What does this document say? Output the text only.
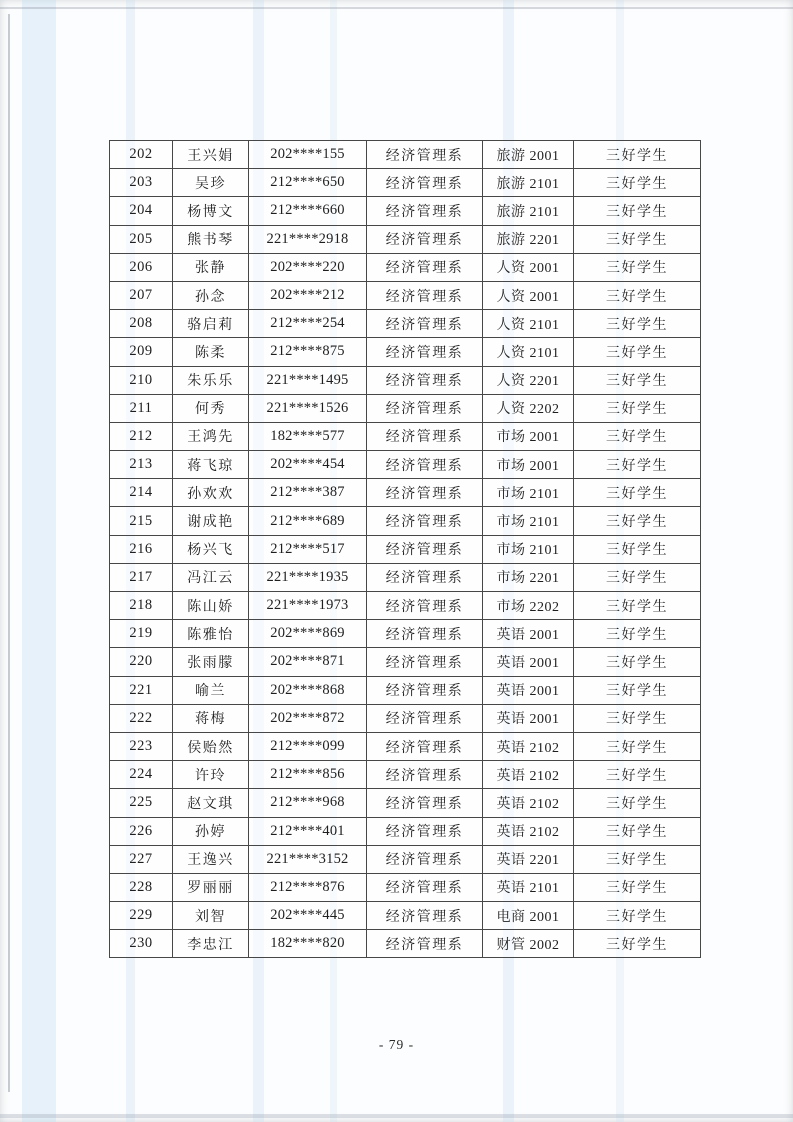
202	王兴娟	202****155	经济管理系	旅游 2001	三好学生
203	吴珍	212****650	经济管理系	旅游 2101	三好学生
204	杨博文	212****660	经济管理系	旅游 2101	三好学生
205	熊书琴	221****2918	经济管理系	旅游 2201	三好学生
206	张静	202****220	经济管理系	人资 2001	三好学生
207	孙念	202****212	经济管理系	人资 2001	三好学生
208	骆启莉	212****254	经济管理系	人资 2101	三好学生
209	陈柔	212****875	经济管理系	人资 2101	三好学生
210	朱乐乐	221****1495	经济管理系	人资 2201	三好学生
211	何秀	221****1526	经济管理系	人资 2202	三好学生
212	王鸿先	182****577	经济管理系	市场 2001	三好学生
213	蒋飞琼	202****454	经济管理系	市场 2001	三好学生
214	孙欢欢	212****387	经济管理系	市场 2101	三好学生
215	谢成艳	212****689	经济管理系	市场 2101	三好学生
216	杨兴飞	212****517	经济管理系	市场 2101	三好学生
217	冯江云	221****1935	经济管理系	市场 2201	三好学生
218	陈山娇	221****1973	经济管理系	市场 2202	三好学生
219	陈雅怡	202****869	经济管理系	英语 2001	三好学生
220	张雨朦	202****871	经济管理系	英语 2001	三好学生
221	喻兰	202****868	经济管理系	英语 2001	三好学生
222	蒋梅	202****872	经济管理系	英语 2001	三好学生
223	侯贻然	212****099	经济管理系	英语 2102	三好学生
224	许玲	212****856	经济管理系	英语 2102	三好学生
225	赵文琪	212****968	经济管理系	英语 2102	三好学生
226	孙婷	212****401	经济管理系	英语 2102	三好学生
227	王逸兴	221****3152	经济管理系	英语 2201	三好学生
228	罗丽丽	212****876	经济管理系	英语 2101	三好学生
229	刘智	202****445	经济管理系	电商 2001	三好学生
230	李忠江	182****820	经济管理系	财管 2002	三好学生
- 79 -
